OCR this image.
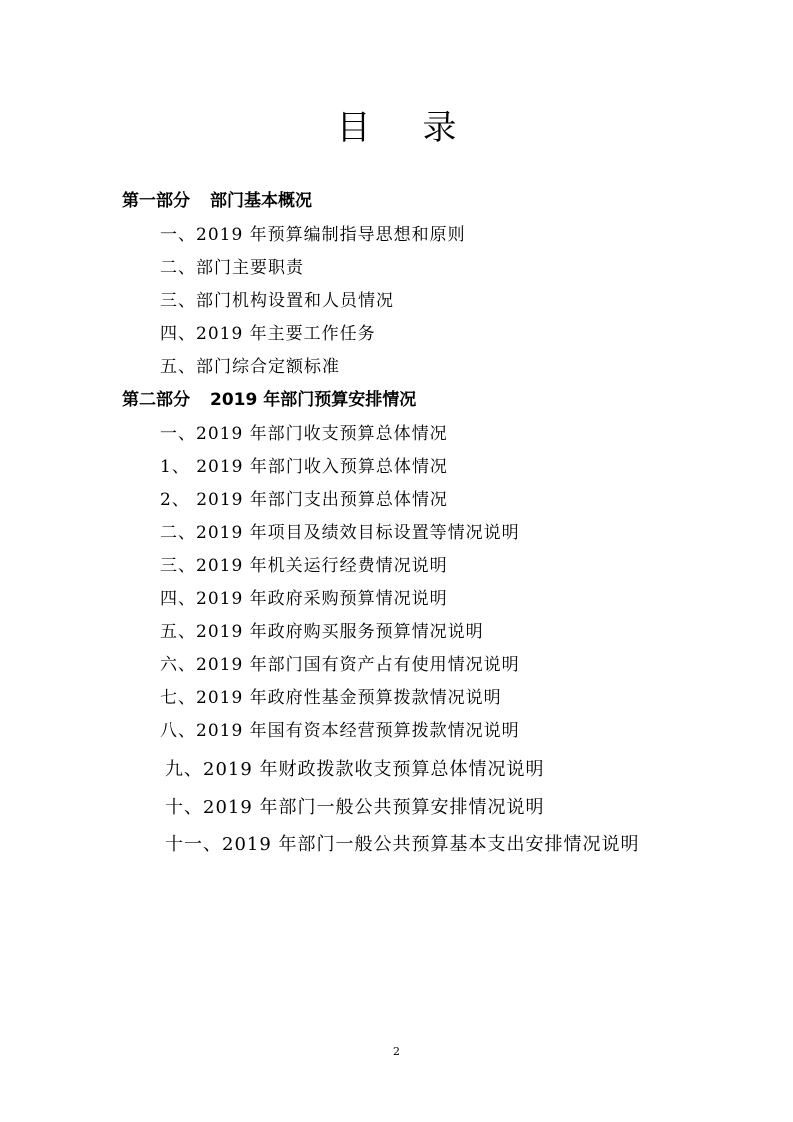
目 录
第一部分 部门基本概况
一、2019 年预算编制指导思想和原则
二、部门主要职责
三、部门机构设置和人员情况
四、2019 年主要工作任务
五、部门综合定额标准
第二部分 2019 年部门预算安排情况
一、2019 年部门收支预算总体情况
1、 2019 年部门收入预算总体情况
2、 2019 年部门支出预算总体情况
二、2019 年项目及绩效目标设置等情况说明
三、2019 年机关运行经费情况说明
四、2019 年政府采购预算情况说明
五、2019 年政府购买服务预算情况说明
六、2019 年部门国有资产占有使用情况说明
七、2019 年政府性基金预算拨款情况说明
八、2019 年国有资本经营预算拨款情况说明
九、2019 年财政拨款收支预算总体情况说明
十、2019 年部门一般公共预算安排情况说明
十一、2019 年部门一般公共预算基本支出安排情况说明
2
